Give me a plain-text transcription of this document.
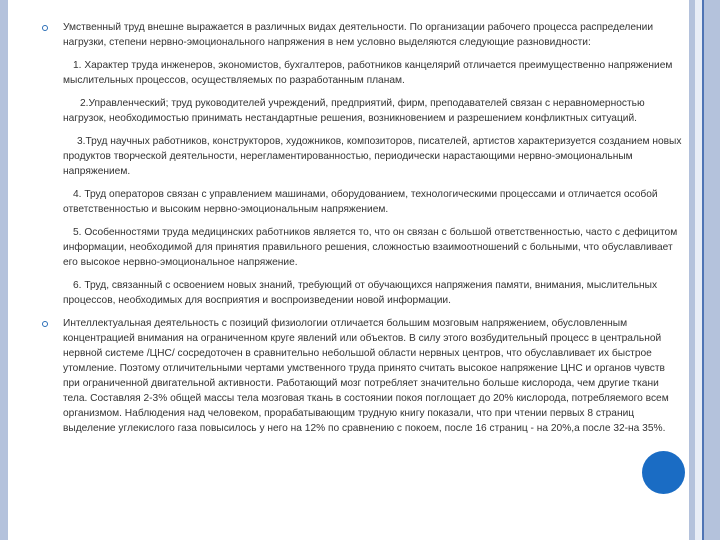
Умственный труд внешне выражается в различных видах деятельности. По организации рабочего процесса распределении нагрузки, степени нервно-эмоционального напряжения в нем условно выделяются следующие разновидности:

1. Характер труда инженеров, экономистов, бухгалтеров, работников канцелярий отличается преимущественно напряжением мыслительных процессов, осуществляемых по разработанным планам.

2.Управленческий; труд руководителей учреждений, предприятий, фирм, преподавателей связан с неравномерностью нагрузок, необходимостью принимать нестандартные решения, возникновением и разрешением конфликтных ситуаций.

3.Труд научных работников, конструкторов, художников, композиторов, писателей, артистов характеризуется созданием новых продуктов творческой деятельности, нерегламентированностью, периодически нарастающими нервно-эмоциональным напряжением.

4. Труд операторов связан с управлением машинами, оборудованием, технологическими процессами и отличается особой ответственностью и высоким нервно-эмоциональным напряжением.

5. Особенностями труда медицинских работников является то, что он связан с большой ответственностью, часто с дефицитом информации, необходимой для принятия правильного решения, сложностью взаимоотношений с больными, что обуславливает его высокое нервно-эмоциональное напряжение.

6. Труд, связанный с освоением новых знаний, требующий от обучающихся напряжения памяти, внимания, мыслительных процессов, необходимых для восприятия и воспроизведении новой информации.

Интеллектуальная деятельность с позиций физиологии отличается большим мозговым напряжением, обусловленным концентрацией внимания на ограниченном круге явлений или объектов. В силу этого возбудительный процесс в центральной нервной системе /ЦНС/ сосредоточен в сравнительно небольшой области нервных центров, что обуславливает их быстрое утомление. Поэтому отличительными чертами умственного труда принято считать высокое напряжение ЦНС и органов чувств при ограниченной двигательной активности. Работающий мозг потребляет значительно больше кислорода, чем другие ткани тела. Составляя 2-3% общей массы тела мозговая ткань в состоянии покоя поглощает до 20% кислорода, потребляемого всем организмом. Наблюдения над человеком, прорабатывающим трудную книгу показали, что при чтении первых 8 страниц выделение углекислого газа повысилось у него на 12% по сравнению с покоем, после 16 страниц - на 20%,а после 32-на 35%.
